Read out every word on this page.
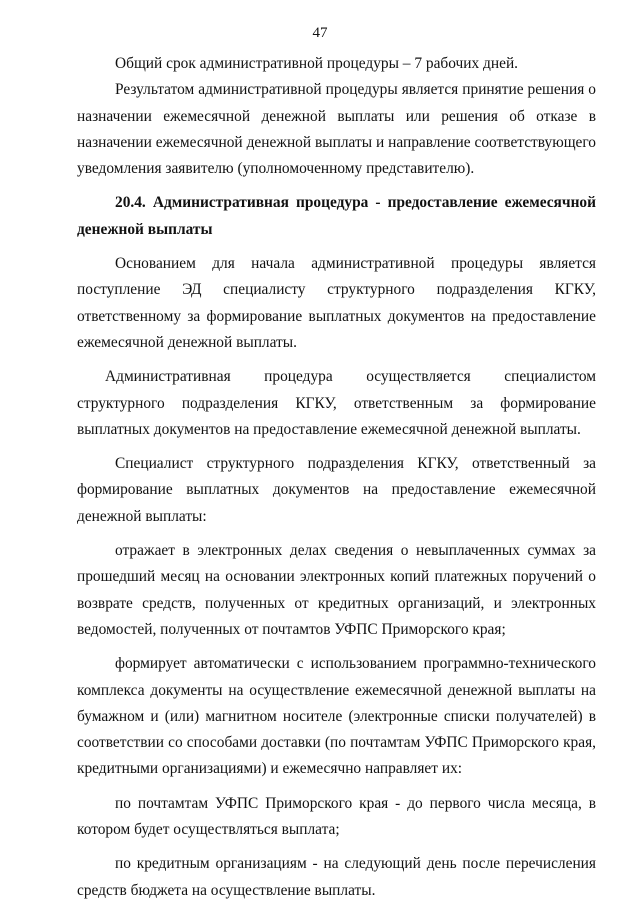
47

Общий срок административной процедуры – 7 рабочих дней.

Результатом административной процедуры является принятие решения о назначении ежемесячной денежной выплаты или решения об отказе в назначении ежемесячной денежной выплаты и направление соответствующего уведомления заявителю (уполномоченному представителю).

20.4. Административная процедура - предоставление ежемесячной денежной выплаты

Основанием для начала административной процедуры является поступление ЭД специалисту структурного подразделения КГКУ, ответственному за формирование выплатных документов на предоставление ежемесячной денежной выплаты.

Административная процедура осуществляется специалистом структурного подразделения КГКУ, ответственным за формирование выплатных документов на предоставление ежемесячной денежной выплаты.

Специалист структурного подразделения КГКУ, ответственный за формирование выплатных документов на предоставление ежемесячной денежной выплаты:

отражает в электронных делах сведения о невыплаченных суммах за прошедший месяц на основании электронных копий платежных поручений о возврате средств, полученных от кредитных организаций, и электронных ведомостей, полученных от почтамтов УФПС Приморского края;

формирует автоматически с использованием программно-технического комплекса документы на осуществление ежемесячной денежной выплаты на бумажном и (или) магнитном носителе (электронные списки получателей) в соответствии со способами доставки (по почтамтам УФПС Приморского края, кредитными организациями) и ежемесячно направляет их:

по почтамтам УФПС Приморского края - до первого числа месяца, в котором будет осуществляться выплата;

по кредитным организациям - на следующий день после перечисления средств бюджета на осуществление выплаты.
